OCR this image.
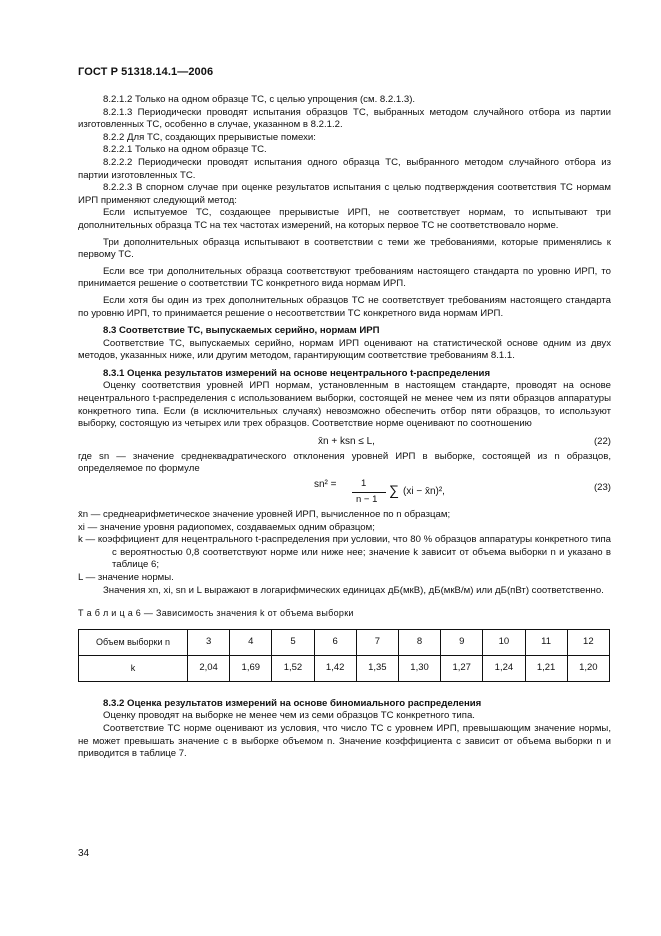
ГОСТ Р 51318.14.1—2006

8.2.1.2 Только на одном образце ТС, с целью упрощения (см. 8.2.1.3).

8.2.1.3 Периодически проводят испытания образцов ТС, выбранных методом случайного отбора из партии изготовленных ТС, особенно в случае, указанном в 8.2.1.2.

8.2.2 Для ТС, создающих прерывистые помехи:

8.2.2.1 Только на одном образце ТС.

8.2.2.2 Периодически проводят испытания одного образца ТС, выбранного методом случайного отбора из партии изготовленных ТС.

8.2.2.3 В спорном случае при оценке результатов испытания с целью подтверждения соответствия ТС нормам ИРП применяют следующий метод:

Если испытуемое ТС, создающее прерывистые ИРП, не соответствует нормам, то испытывают три дополнительных образца ТС на тех частотах измерений, на которых первое ТС не соответствовало норме.

Три дополнительных образца испытывают в соответствии с теми же требованиями, которые применялись к первому ТС.

Если все три дополнительных образца соответствуют требованиям настоящего стандарта по уровню ИРП, то принимается решение о соответствии ТС конкретного вида нормам ИРП.

Если хотя бы один из трех дополнительных образцов ТС не соответствует требованиям настоящего стандарта по уровню ИРП, то принимается решение о несоответствии ТС конкретного вида нормам ИРП.

8.3 Соответствие ТС, выпускаемых серийно, нормам ИРП

Соответствие ТС, выпускаемых серийно, нормам ИРП оценивают на статистической основе одним из двух методов, указанных ниже, или другим методом, гарантирующим соответствие требованиям 8.1.1.

8.3.1 Оценка результатов измерений на основе нецентрального t-распределения

Оценку соответствия уровней ИРП нормам, установленным в настоящем стандарте, проводят на основе нецентрального t-распределения с использованием выборки, состоящей не менее чем из пяти образцов аппаратуры конкретного типа. Если (в исключительных случаях) невозможно обеспечить отбор пяти образцов, то используют выборку, состоящую из четырех или трех образцов. Соответствие норме оценивают по соотношению

x̄n + ksn ≤ L,	(22)

где sn — значение среднеквадратического отклонения уровней ИРП в выборке, состоящей из n образцов, определяемое по формуле

sn² =	1
n − 1
∑ (xi − x̄n)²,	(23)

x̄n — среднеарифметическое значение уровней ИРП, вычисленное по n образцам;

xi — значение уровня радиопомех, создаваемых одним образцом;

k — коэффициент для нецентрального t-распределения при условии, что 80 % образцов аппаратуры конкретного типа с вероятностью 0,8 соответствуют норме или ниже нее; значение k зависит от объема выборки n и указано в таблице 6;

L — значение нормы.

Значения xn, xi, sn и L выражают в логарифмических единицах дБ(мкВ), дБ(мкВ/м) или дБ(пВт) соответственно.

Т а б л и ц а 6 — Зависимость значения k от объема выборки

Объем выборки n	3	4	5	6	7	8	9	10	11	12
k	2,04	1,69	1,52	1,42	1,35	1,30	1,27	1,24	1,21	1,20

8.3.2 Оценка результатов измерений на основе биномиального распределения

Оценку проводят на выборке не менее чем из семи образцов ТС конкретного типа.

Соответствие ТС норме оценивают из условия, что число ТС с уровнем ИРП, превышающим значение нормы, не может превышать значение c в выборке объемом n. Значение коэффициента c зависит от объема выборки n и приводится в таблице 7.

34
